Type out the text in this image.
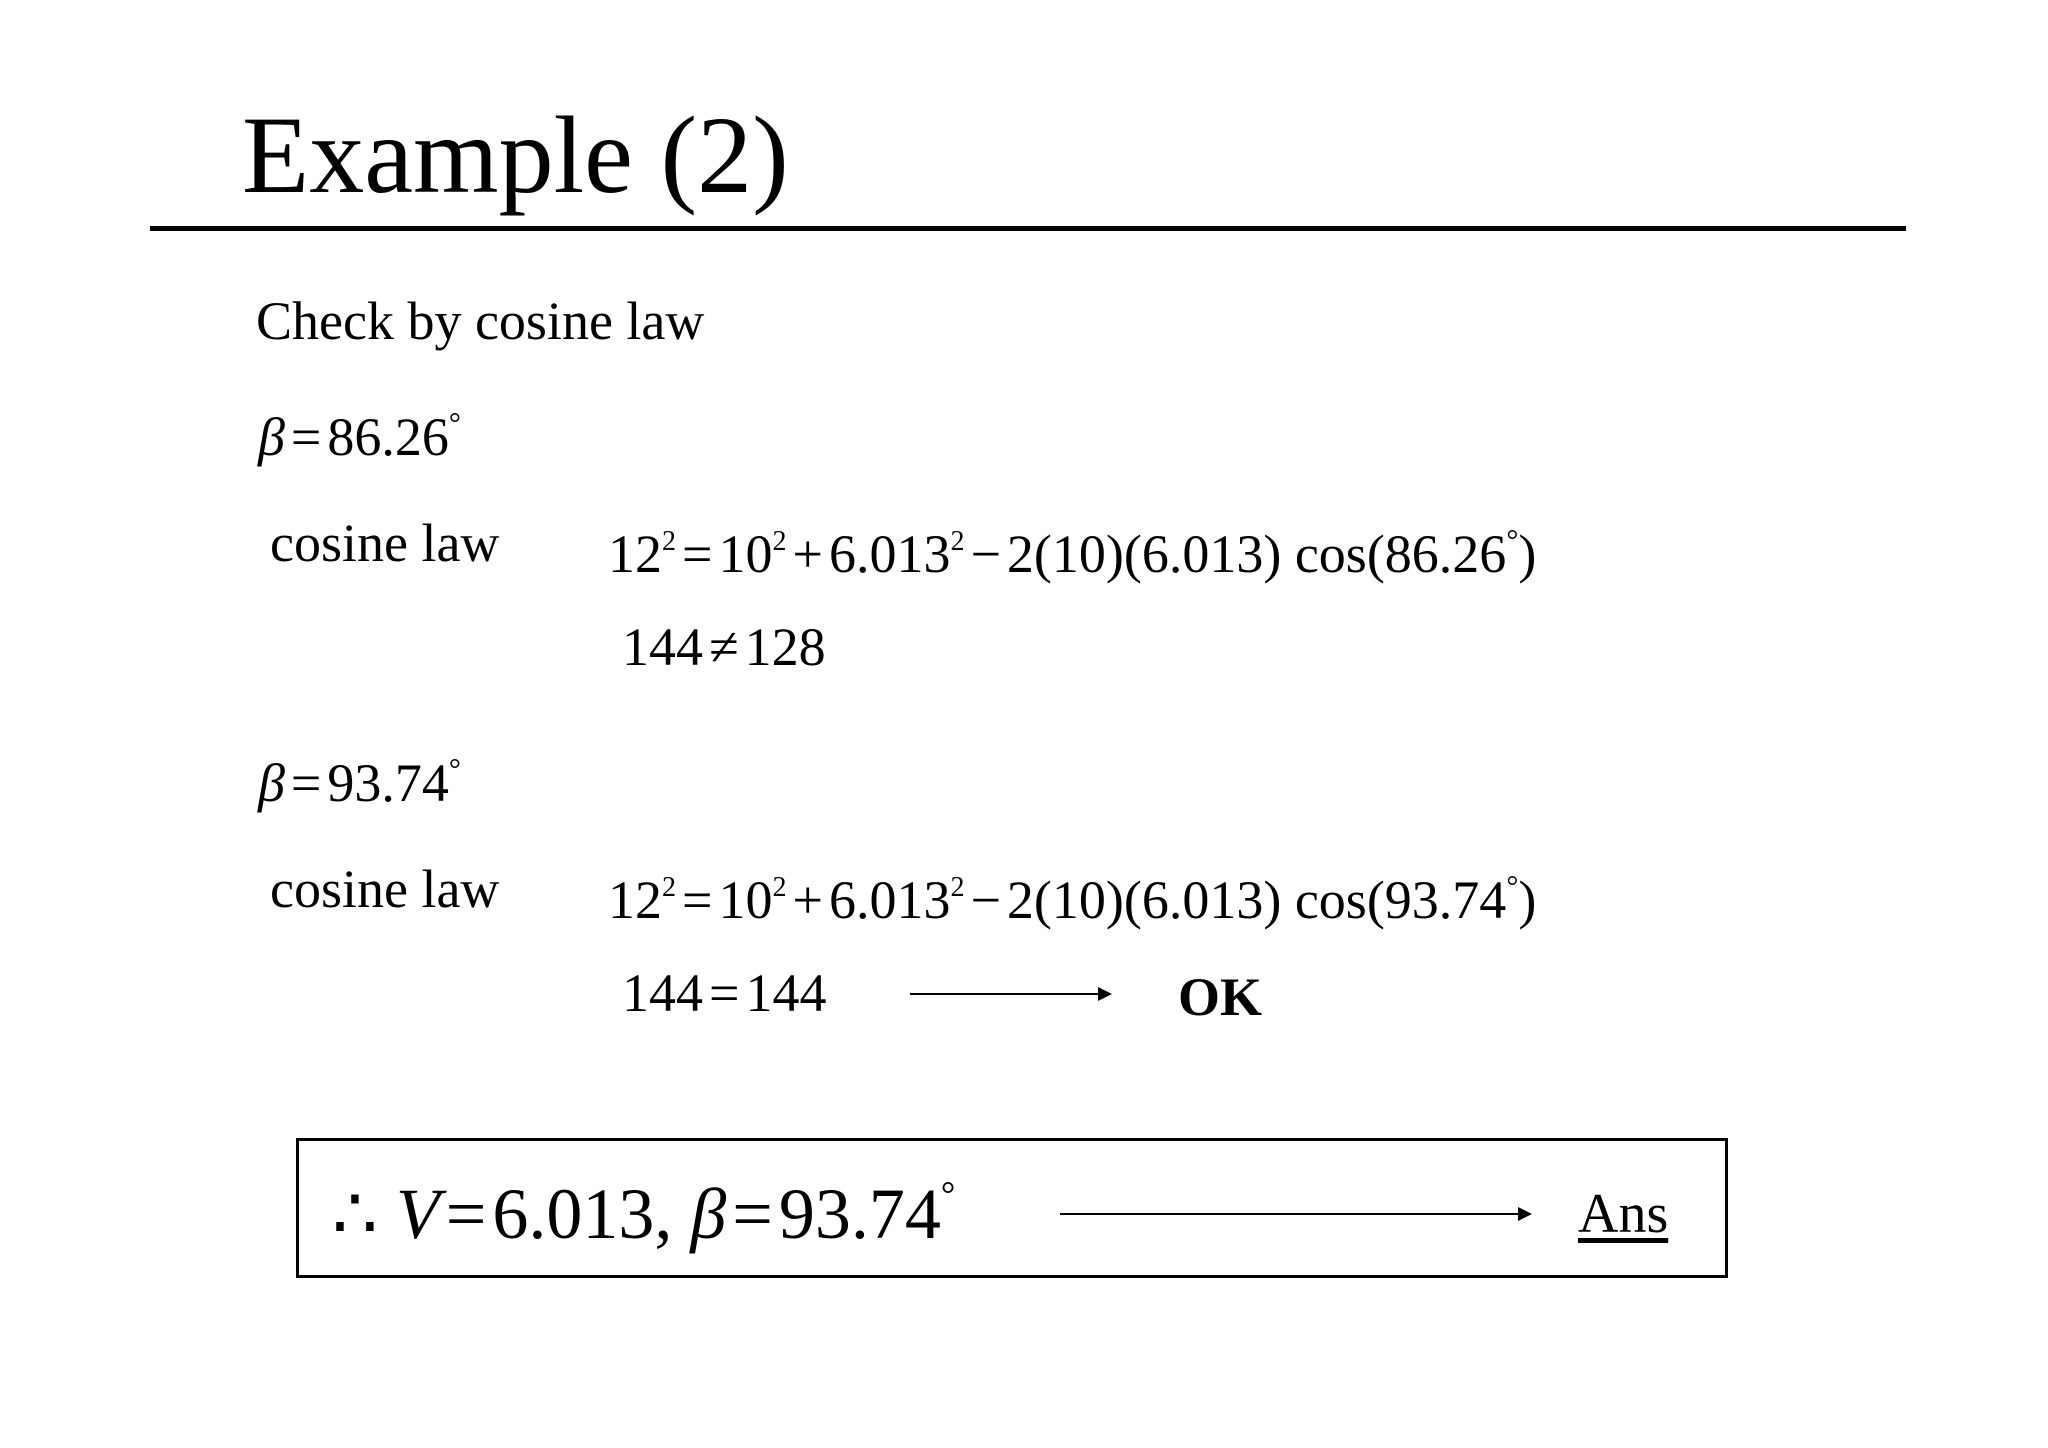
Example (2)
Check by cosine law
β = 86.26°
cosine law $12^2 = 10^2 + 6.013^2 - 2(10)(6.013)$ cos(86.26°)
144 ≠ 128
β = 93.74°
cosine law $12^2 = 10^2 + 6.013^2 - 2(10)(6.013)$ cos(93.74°)
144 = 144	OK
∴ V=6.013, β=93.74°	Ans
